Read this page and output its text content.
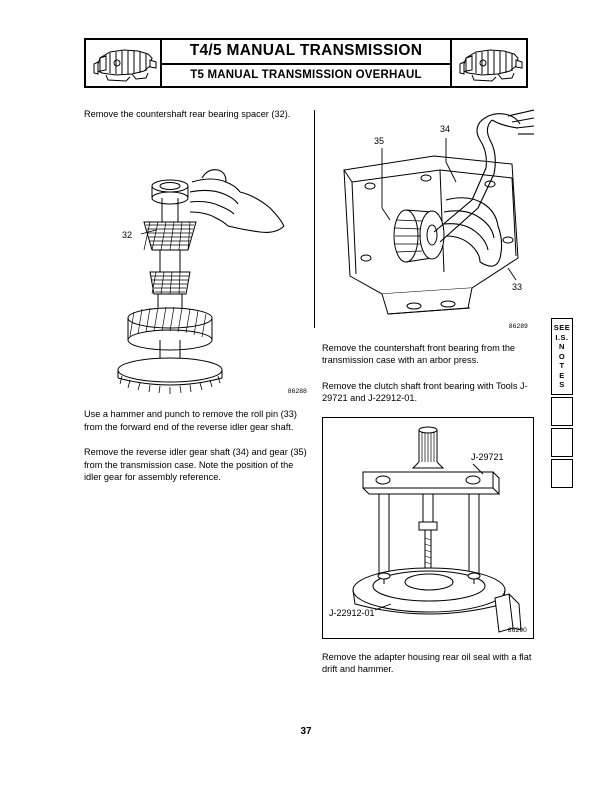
T4/5 MANUAL TRANSMISSION
T5 MANUAL TRANSMISSION OVERHAUL

Remove the countershaft rear bearing spacer (32).

32
86288

Use a hammer and punch to remove the roll pin (33) from the forward end of the reverse idler gear shaft.

Remove the reverse idler gear shaft (34) and gear (35) from the transmission case. Note the position of the idler gear for assembly reference.

35
34
33
86289

Remove the countershaft front bearing from the transmission case with an arbor press.

Remove the clutch shaft front bearing with Tools J-29721 and J-22912-01.

J-29721
J-22912-01
86290

Remove the adapter housing rear oil seal with a flat drift and hammer.

SEE
I.S.
N
O
T
E
S
37
